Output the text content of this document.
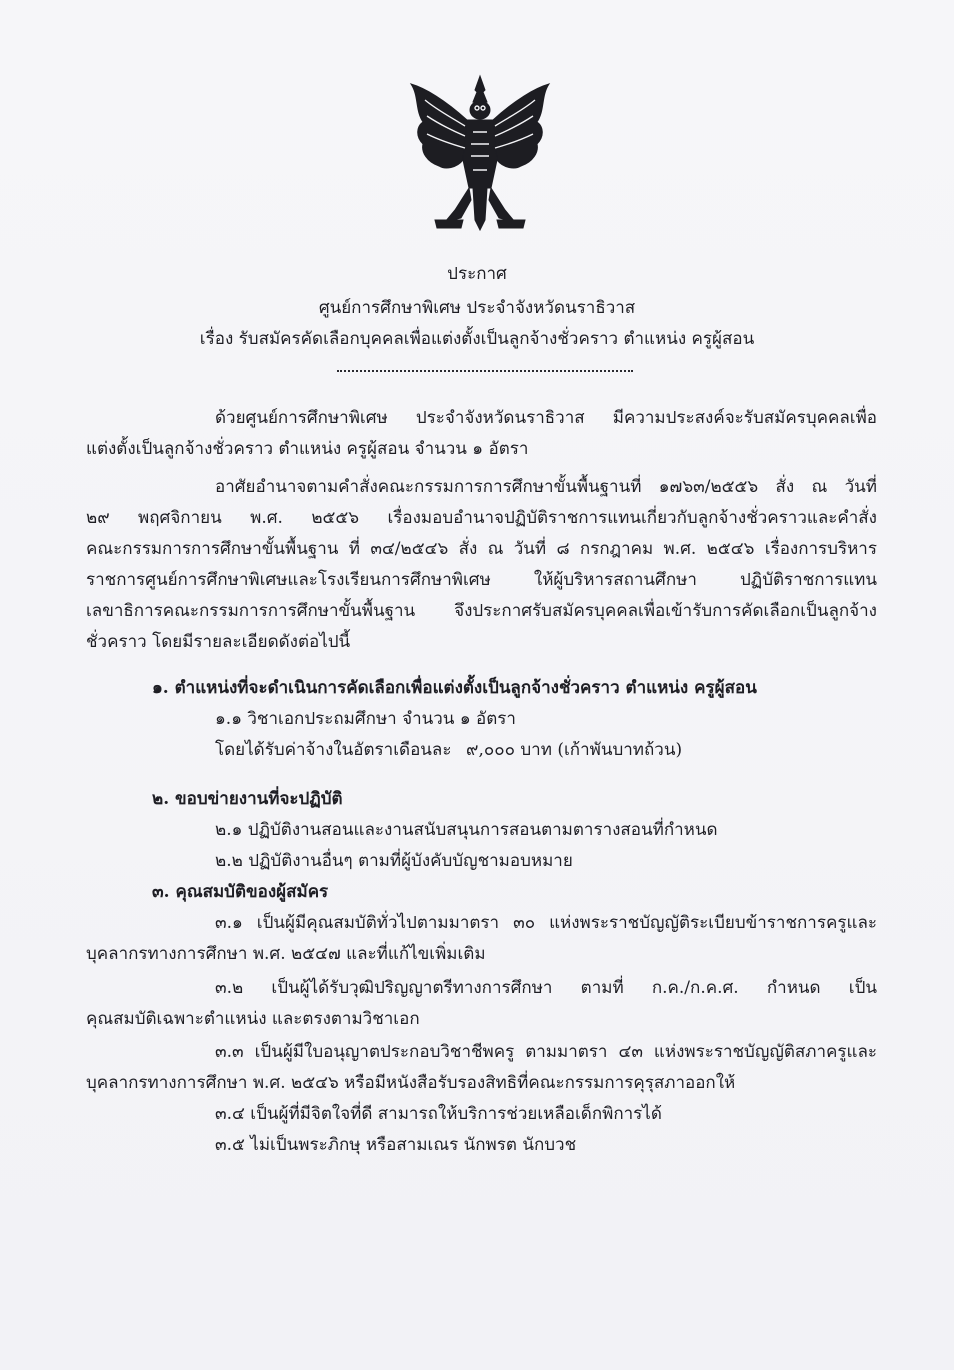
ประกาศ
ศูนย์การศึกษาพิเศษ ประจำจังหวัดนราธิวาส
เรื่อง รับสมัครคัดเลือกบุคคลเพื่อแต่งตั้งเป็นลูกจ้างชั่วคราว ตำแหน่ง ครูผู้สอน
ด้วยศูนย์การศึกษาพิเศษ ประจำจังหวัดนราธิวาส มีความประสงค์จะรับสมัครบุคคลเพื่อ
แต่งตั้งเป็นลูกจ้างชั่วคราว ตำแหน่ง ครูผู้สอน จำนวน ๑ อัตรา
อาศัยอำนาจตามคำสั่งคณะกรรมการการศึกษาขั้นพื้นฐานที่ ๑๗๖๓/๒๕๕๖ สั่ง ณ วันที่
๒๙ พฤศจิกายน พ.ศ. ๒๕๕๖ เรื่องมอบอำนาจปฏิบัติราชการแทนเกี่ยวกับลูกจ้างชั่วคราวและคำสั่ง
คณะกรรมการการศึกษาขั้นพื้นฐาน ที่ ๓๔/๒๕๔๖ สั่ง ณ วันที่ ๘ กรกฎาคม พ.ศ. ๒๕๔๖ เรื่องการบริหาร
ราชการศูนย์การศึกษาพิเศษและโรงเรียนการศึกษาพิเศษ ให้ผู้บริหารสถานศึกษา ปฏิบัติราชการแทน
เลขาธิการคณะกรรมการการศึกษาขั้นพื้นฐาน จึงประกาศรับสมัครบุคคลเพื่อเข้ารับการคัดเลือกเป็นลูกจ้าง
ชั่วคราว โดยมีรายละเอียดดังต่อไปนี้
๑. ตำแหน่งที่จะดำเนินการคัดเลือกเพื่อแต่งตั้งเป็นลูกจ้างชั่วคราว ตำแหน่ง ครูผู้สอน
๑.๑ วิชาเอกประถมศึกษา จำนวน ๑ อัตรา
โดยได้รับค่าจ้างในอัตราเดือนละ ๙,๐๐๐ บาท (เก้าพันบาทถ้วน)
๒. ขอบข่ายงานที่จะปฏิบัติ
๒.๑ ปฏิบัติงานสอนและงานสนับสนุนการสอนตามตารางสอนที่กำหนด
๒.๒ ปฏิบัติงานอื่นๆ ตามที่ผู้บังคับบัญชามอบหมาย
๓. คุณสมบัติของผู้สมัคร
๓.๑ เป็นผู้มีคุณสมบัติทั่วไปตามมาตรา ๓๐ แห่งพระราชบัญญัติระเบียบข้าราชการครูและ
บุคลากรทางการศึกษา พ.ศ. ๒๕๔๗ และที่แก้ไขเพิ่มเติม
๓.๒ เป็นผู้ได้รับวุฒิปริญญาตรีทางการศึกษา ตามที่ ก.ค./ก.ค.ศ. กำหนด เป็น
คุณสมบัติเฉพาะตำแหน่ง และตรงตามวิชาเอก
๓.๓ เป็นผู้มีใบอนุญาตประกอบวิชาชีพครู ตามมาตรา ๔๓ แห่งพระราชบัญญัติสภาครูและ
บุคลากรทางการศึกษา พ.ศ. ๒๕๔๖ หรือมีหนังสือรับรองสิทธิที่คณะกรรมการคุรุสภาออกให้
๓.๔ เป็นผู้ที่มีจิตใจที่ดี สามารถให้บริการช่วยเหลือเด็กพิการได้
๓.๕ ไม่เป็นพระภิกษุ หรือสามเณร นักพรต นักบวช
